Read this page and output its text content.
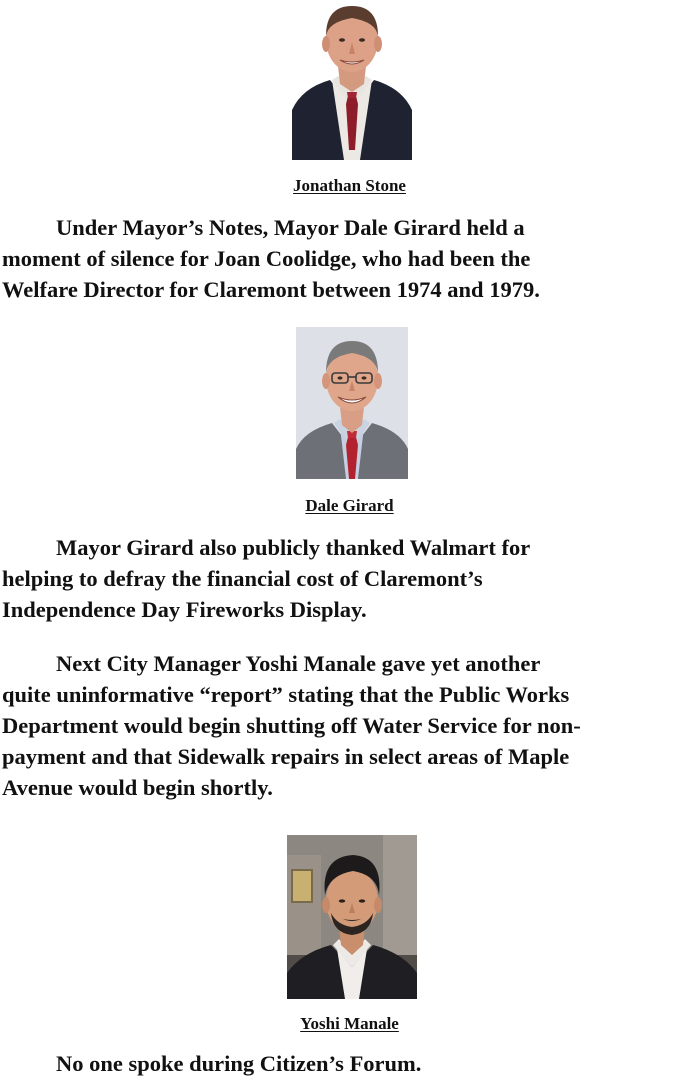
Jonathan Stone

Under Mayor’s Notes, Mayor Dale Girard held a
moment of silence for Joan Coolidge, who had been the
Welfare Director for Claremont between 1974 and 1979.

Dale Girard

Mayor Girard also publicly thanked Walmart for
helping to defray the financial cost of Claremont’s
Independence Day Fireworks Display.

Next City Manager Yoshi Manale gave yet another
quite uninformative “report” stating that the Public Works
Department would begin shutting off Water Service for non-
payment and that Sidewalk repairs in select areas of Maple
Avenue would begin shortly.

Yoshi Manale

No one spoke during Citizen’s Forum.
